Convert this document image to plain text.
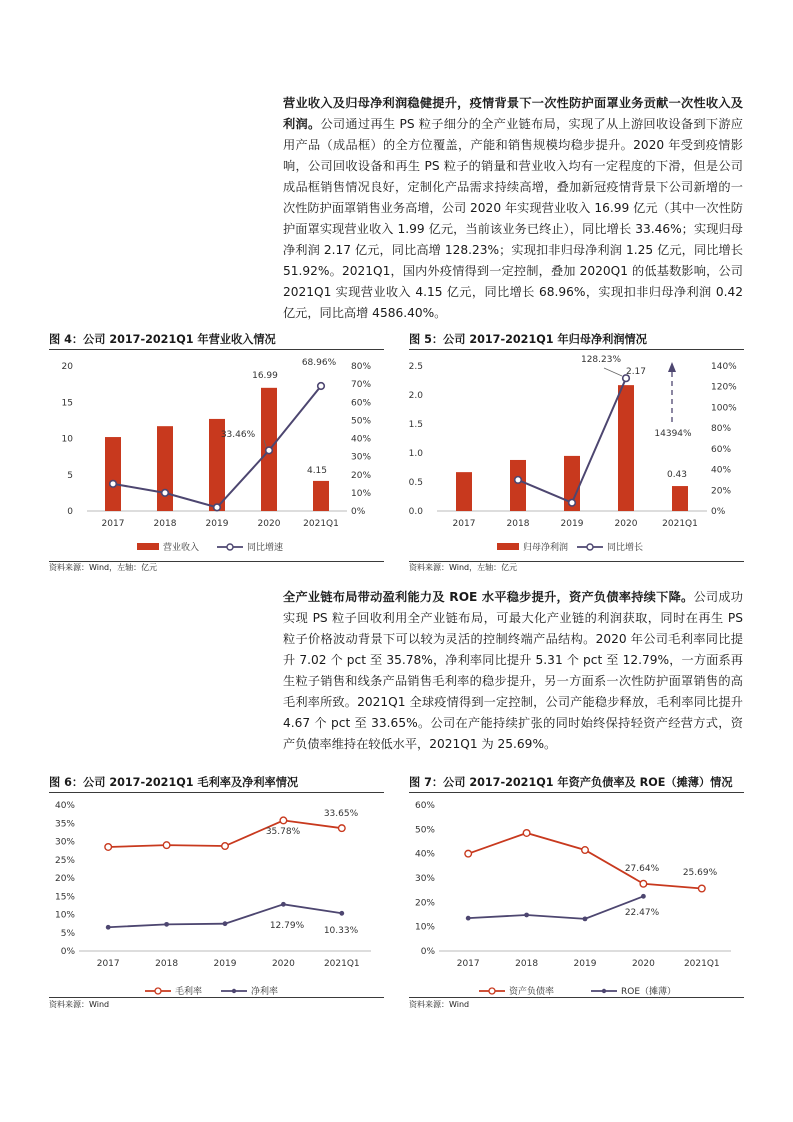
营业收入及归母净利润稳健提升，疫情背景下一次性防护面罩业务贡献一次性收入及利润。公司通过再生 PS 粒子细分的全产业链布局，实现了从上游回收设备到下游应用产品（成品框）的全方位覆盖，产能和销售规模均稳步提升。2020 年受到疫情影响，公司回收设备和再生 PS 粒子的销量和营业收入均有一定程度的下滑，但是公司成品框销售情况良好，定制化产品需求持续高增，叠加新冠疫情背景下公司新增的一次性防护面罩销售业务高增，公司 2020 年实现营业收入 16.99 亿元（其中一次性防护面罩实现营业收入 1.99 亿元，当前该业务已终止），同比增长 33.46%；实现归母净利润 2.17 亿元，同比高增 128.23%；实现扣非归母净利润 1.25 亿元，同比增长 51.92%。2021Q1，国内外疫情得到一定控制，叠加 2020Q1 的低基数影响，公司 2021Q1 实现营业收入 4.15 亿元，同比增长 68.96%，实现扣非归母净利润 0.42 亿元，同比高增 4586.40%。

图 4：公司 2017-2021Q1 年营业收入情况
0
5
10
15
20
0%
10%
20%
30%
40%
50%
60%
70%
80%
2017	2018	2019	2020	2021Q1
16.99
4.15
33.46%
68.96%
营业收入	同比增速
资料来源：Wind，左轴：亿元
图 5：公司 2017-2021Q1 年归母净利润情况
0.0
0.5
1.0
1.5
2.0
2.5
0%
20%
40%
60%
80%
100%
120%
140%
2017	2018	2019	2020	2021Q1
128.23%
2.17
0.43
14394%
归母净利润	同比增长
资料来源：Wind，左轴：亿元

全产业链布局带动盈利能力及 ROE 水平稳步提升，资产负债率持续下降。公司成功实现 PS 粒子回收利用全产业链布局，可最大化产业链的利润获取，同时在再生 PS 粒子价格波动背景下可以较为灵活的控制终端产品结构。2020 年公司毛利率同比提升 7.02 个 pct 至 35.78%，净利率同比提升 5.31 个 pct 至 12.79%，一方面系再生粒子销售和线条产品销售毛利率的稳步提升，另一方面系一次性防护面罩销售的高毛利率所致。2021Q1 全球疫情得到一定控制，公司产能稳步释放，毛利率同比提升 4.67 个 pct 至 33.65%。公司在产能持续扩张的同时始终保持轻资产经营方式，资产负债率维持在较低水平，2021Q1 为 25.69%。

图 6：公司 2017-2021Q1 毛利率及净利率情况
0%
5%
10%
15%
20%
25%
30%
35%
40%
2017	2018	2019	2020	2021Q1
35.78%
33.65%
12.79% 10.33%
毛利率	净利率
资料来源：Wind
图 7：公司 2017-2021Q1 年资产负债率及 ROE（摊薄）情况
0%
10%
20%
30%
40%
50%
60%
2017	2018	2019	2020	2021Q1
27.64%	25.69%
22.47%
资产负债率	ROE（摊薄）
资料来源：Wind
